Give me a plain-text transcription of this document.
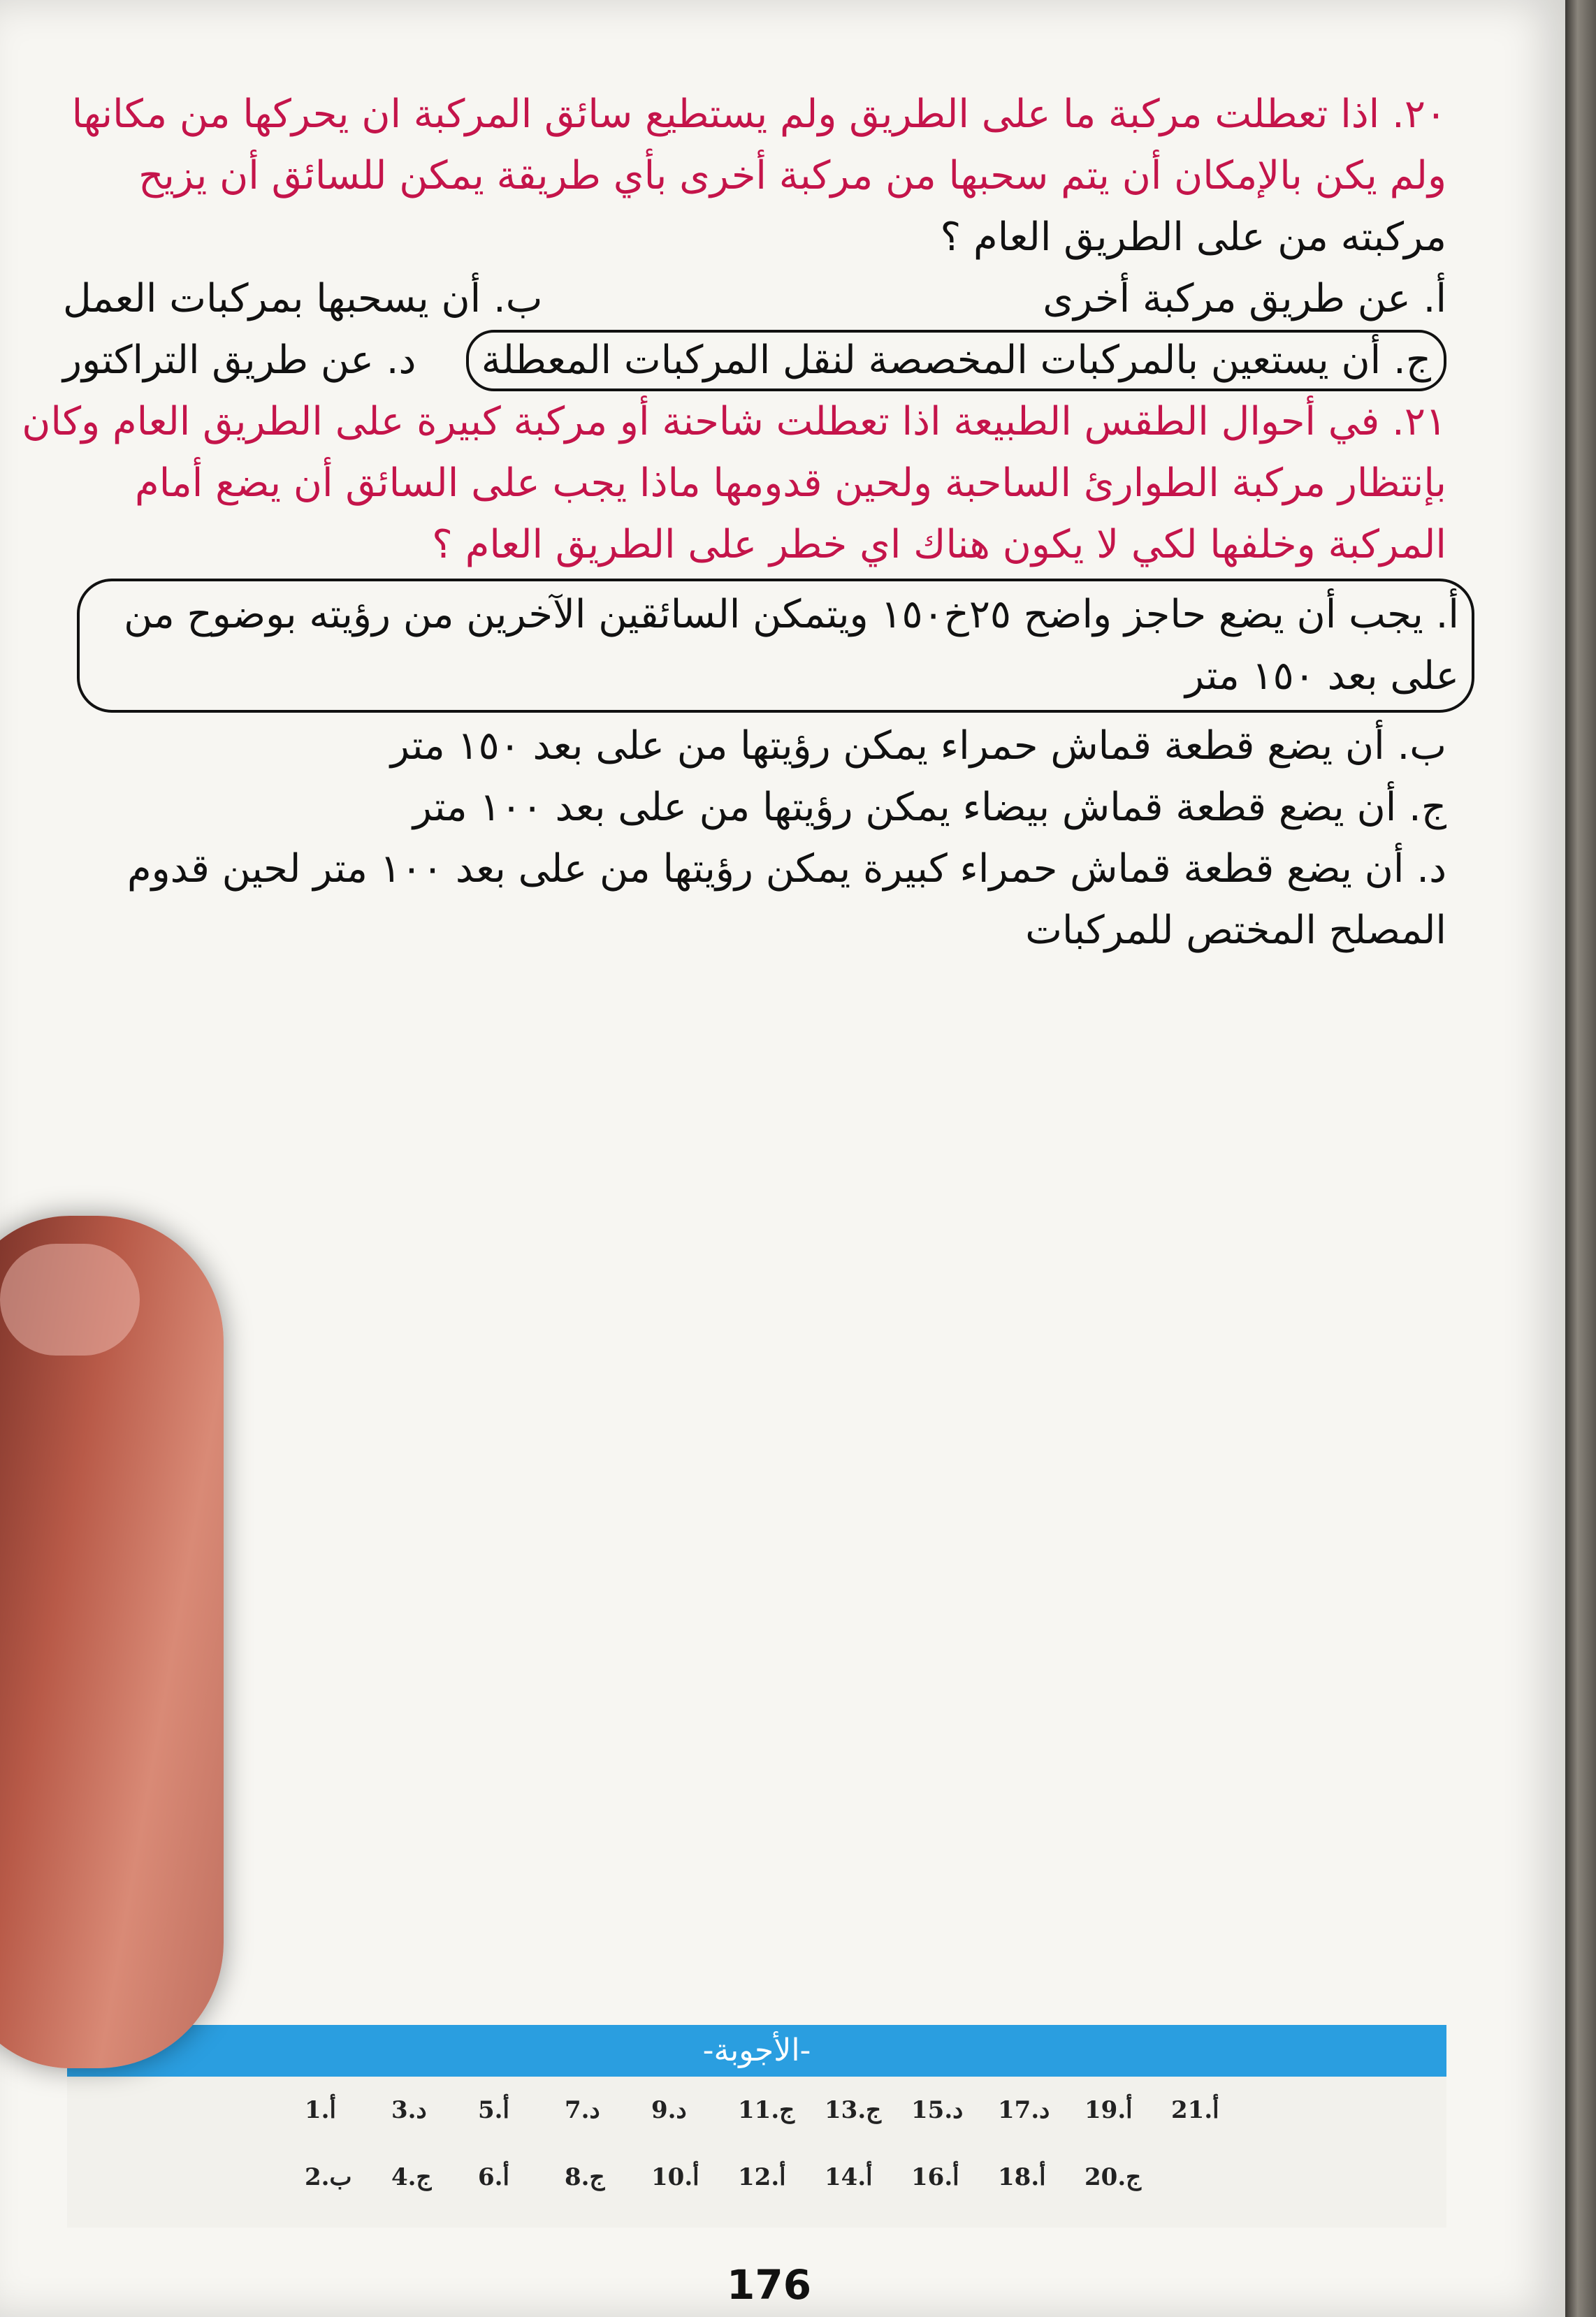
٢٠. اذا تعطلت مركبة ما على الطريق ولم يستطيع سائق المركبة ان يحركها من مكانها
ولم يكن بالإمكان أن يتم سحبها من مركبة أخرى بأي طريقة يمكن للسائق أن يزيح
مركبته من على الطريق العام ؟
أ. عن طريق مركبة أخرى
ب. أن يسحبها بمركبات العمل
ج. أن يستعين بالمركبات المخصصة لنقل المركبات المعطلة
د. عن طريق التراكتور
٢١. في أحوال الطقس الطبيعة اذا تعطلت شاحنة أو مركبة كبيرة على الطريق العام وكان
بإنتظار مركبة الطوارئ الساحبة ولحين قدومها ماذا يجب على السائق أن يضع أمام
المركبة وخلفها لكي لا يكون هناك اي خطر على الطريق العام ؟
أ. يجب أن يضع حاجز واضح ٢٥خ١٥٠ ويتمكن السائقين الآخرين من رؤيته بوضوح من
على بعد ١٥٠ متر
ب. أن يضع قطعة قماش حمراء يمكن رؤيتها من على بعد ١٥٠ متر
ج. أن يضع قطعة قماش بيضاء يمكن رؤيتها من على بعد ١٠٠ متر
د. أن يضع قطعة قماش حمراء كبيرة يمكن رؤيتها من على بعد ١٠٠ متر لحين قدوم
المصلح المختص للمركبات
-الأجوبة-
1.أ	3.د	5.أ	7.د	9.د	11.ج	13.ج	15.د	17.د	19.أ	21.أ
2.ب	4.ج	6.أ	8.ج	10.أ	12.أ	14.أ	16.أ	18.أ	20.ج
176
